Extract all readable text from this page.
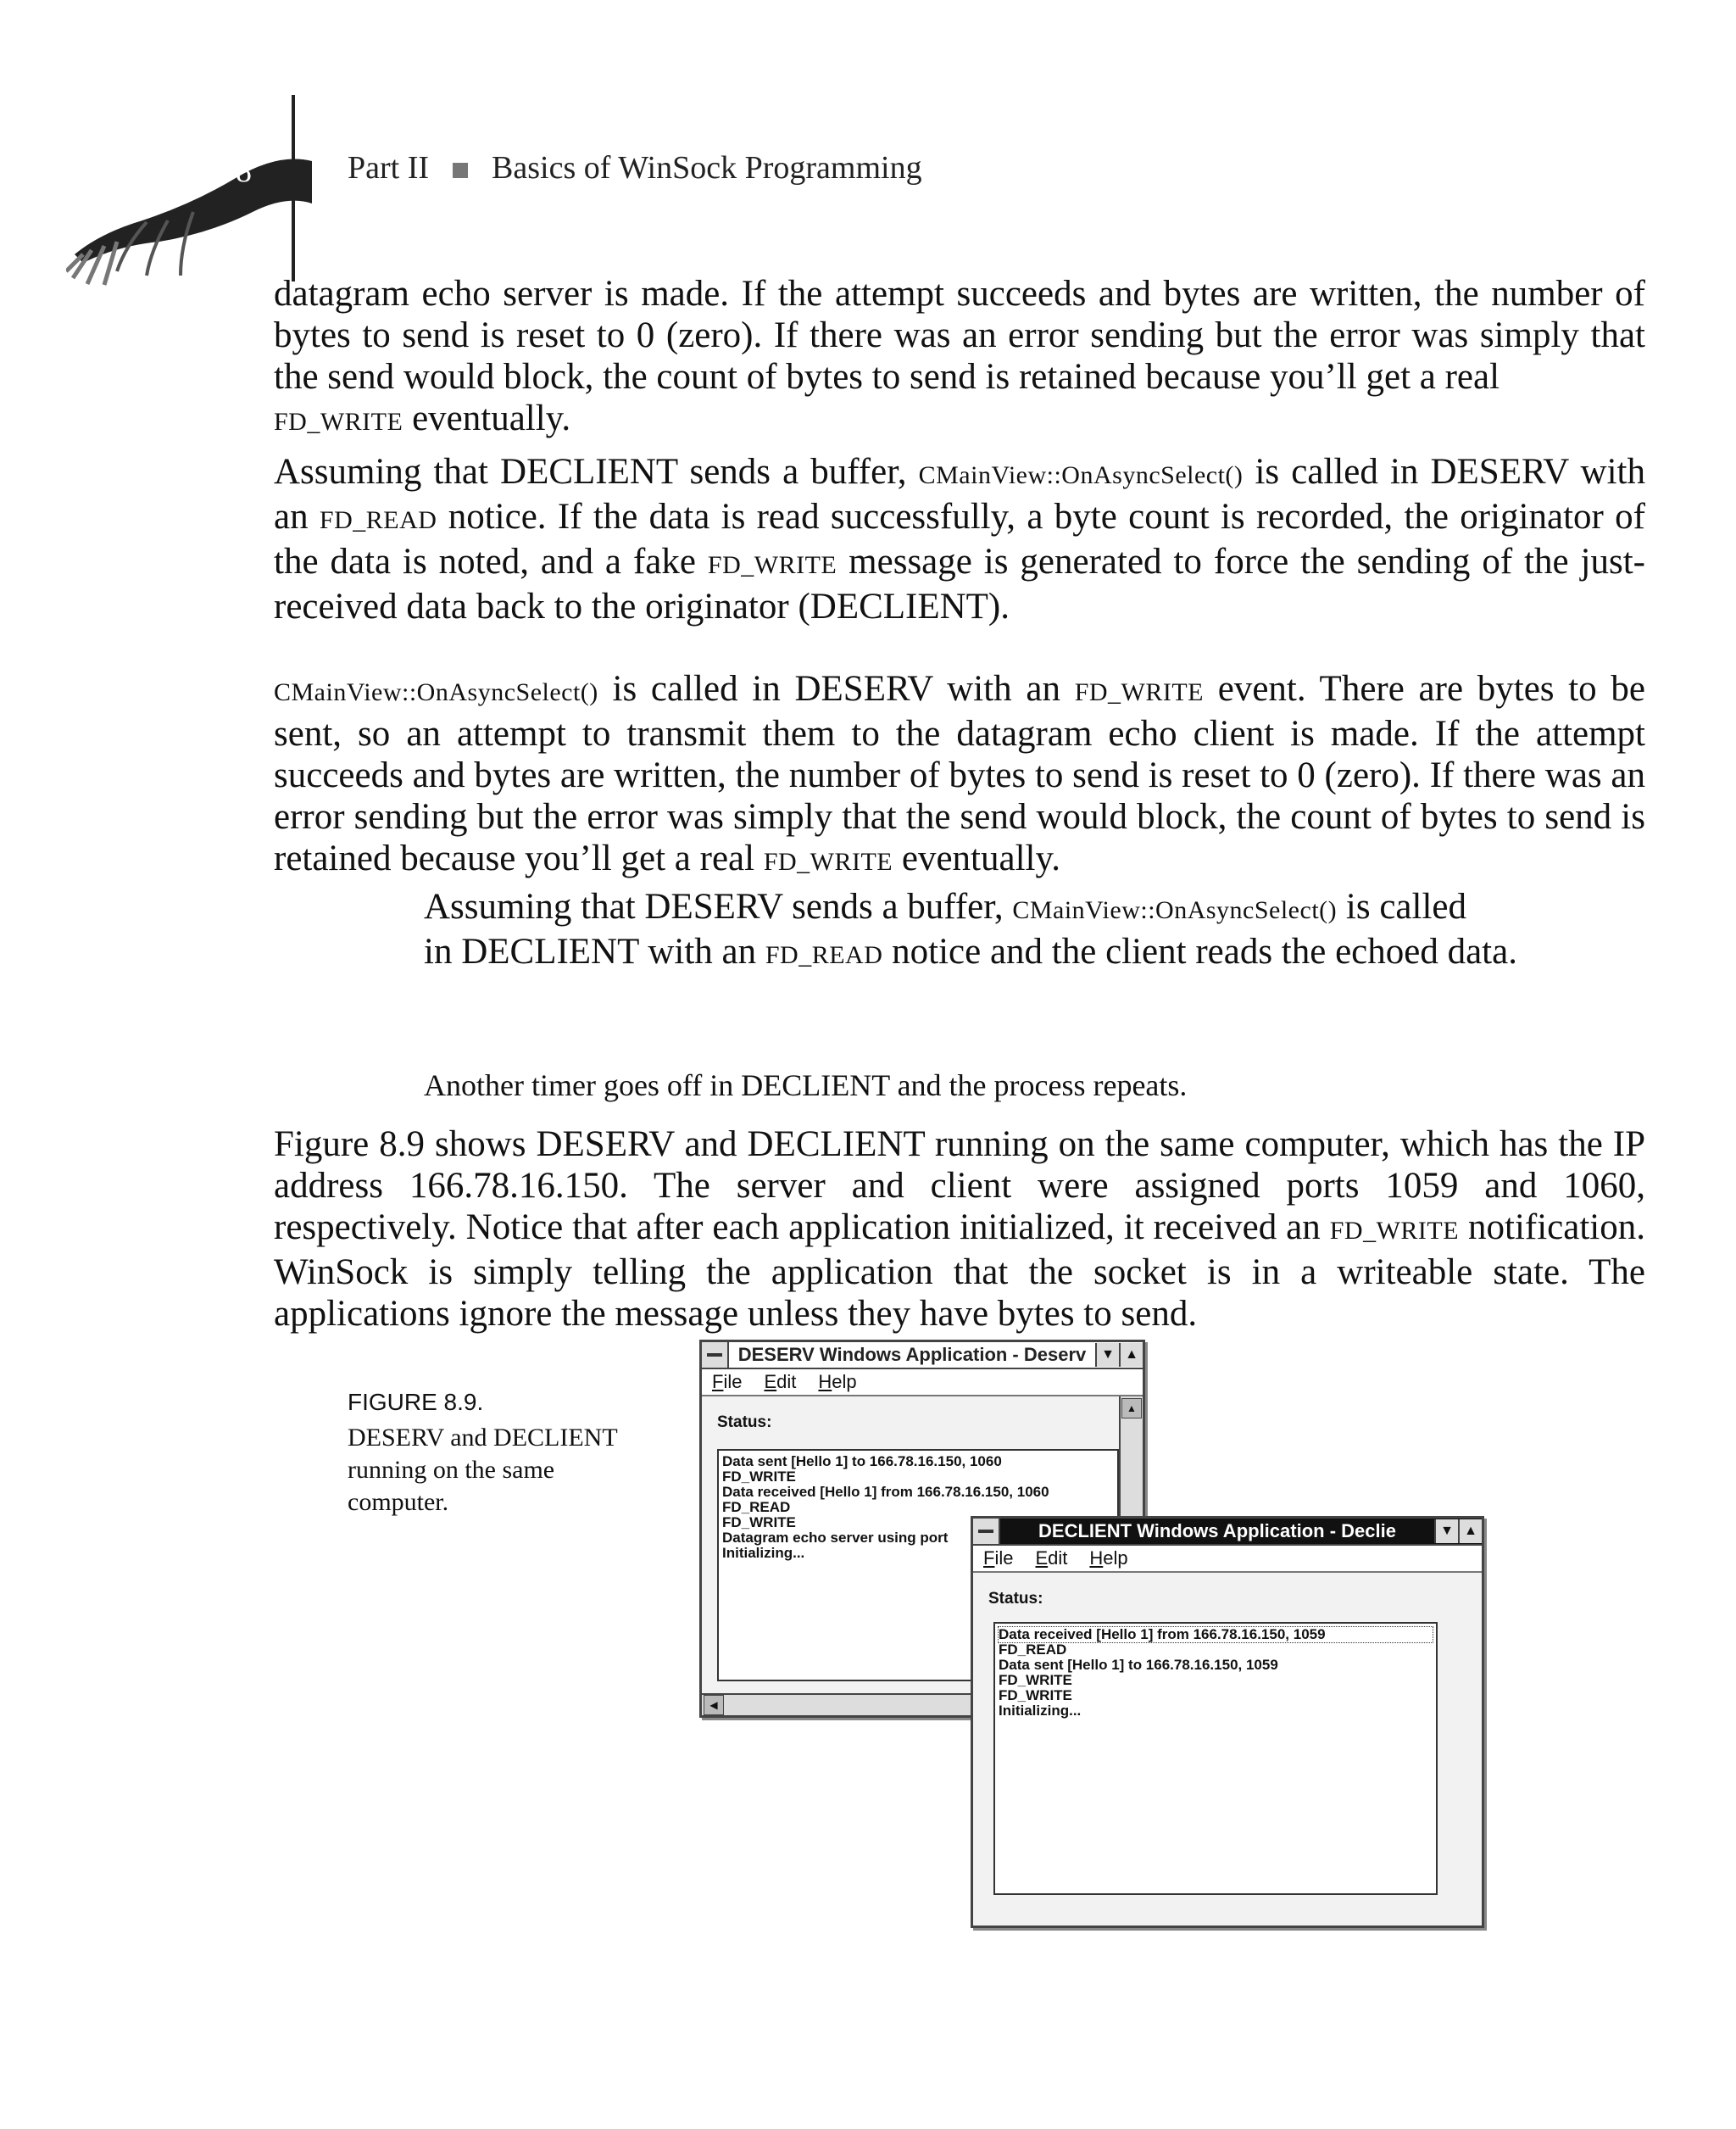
178	Part II Basics of WinSock Programming

datagram echo server is made. If the attempt succeeds and bytes are written, the number of bytes to send is reset to 0 (zero). If there was an error sending but the error was simply that the send would block, the count of bytes to send is retained because you’ll get a real
FD_WRITE eventually.

Assuming that DECLIENT sends a buffer, CMainView::OnAsyncSelect() is called in DESERV with an FD_READ notice. If the data is read successfully, a byte count is recorded, the originator of the data is noted, and a fake FD_WRITE message is generated to force the sending of the just-received data back to the originator (DECLIENT).

CMainView::OnAsyncSelect() is called in DESERV with an FD_WRITE event. There are bytes to be sent, so an attempt to transmit them to the datagram echo client is made. If the attempt succeeds and bytes are written, the number of bytes to send is reset to 0 (zero). If there was an error sending but the error was simply that the send would block, the count of bytes to send is retained because you’ll get a real FD_WRITE eventually.

Assuming that DESERV sends a buffer, CMainView::OnAsyncSelect() is called
in DECLIENT with an FD_READ notice and the client reads the echoed data.

Another timer goes off in DECLIENT and the process repeats.

Figure 8.9 shows DESERV and DECLIENT running on the same computer, which has the IP address 166.78.16.150. The server and client were assigned ports 1059 and 1060, respectively. Notice that after each application initialized, it received an FD_WRITE notification. WinSock is simply telling the application that the socket is in a writeable state. The applications ignore the message unless they have bytes to send.

FIGURE 8.9.
DESERV and DECLIENT running on the same computer.
DESERV Windows Application - Deserv	▼ ▲
File Edit Help
Status:
Data sent [Hello 1] to 166.78.16.150, 1060
FD_WRITE
Data received [Hello 1] from 166.78.16.150, 1060
FD_READ
FD_WRITE
Datagram echo server using port
Initializing...
▲
◀
DECLIENT Windows Application - Declie	▼ ▲
File Edit Help
Status:
Data received [Hello 1] from 166.78.16.150, 1059
FD_READ
Data sent [Hello 1] to 166.78.16.150, 1059
FD_WRITE
FD_WRITE
Initializing...
